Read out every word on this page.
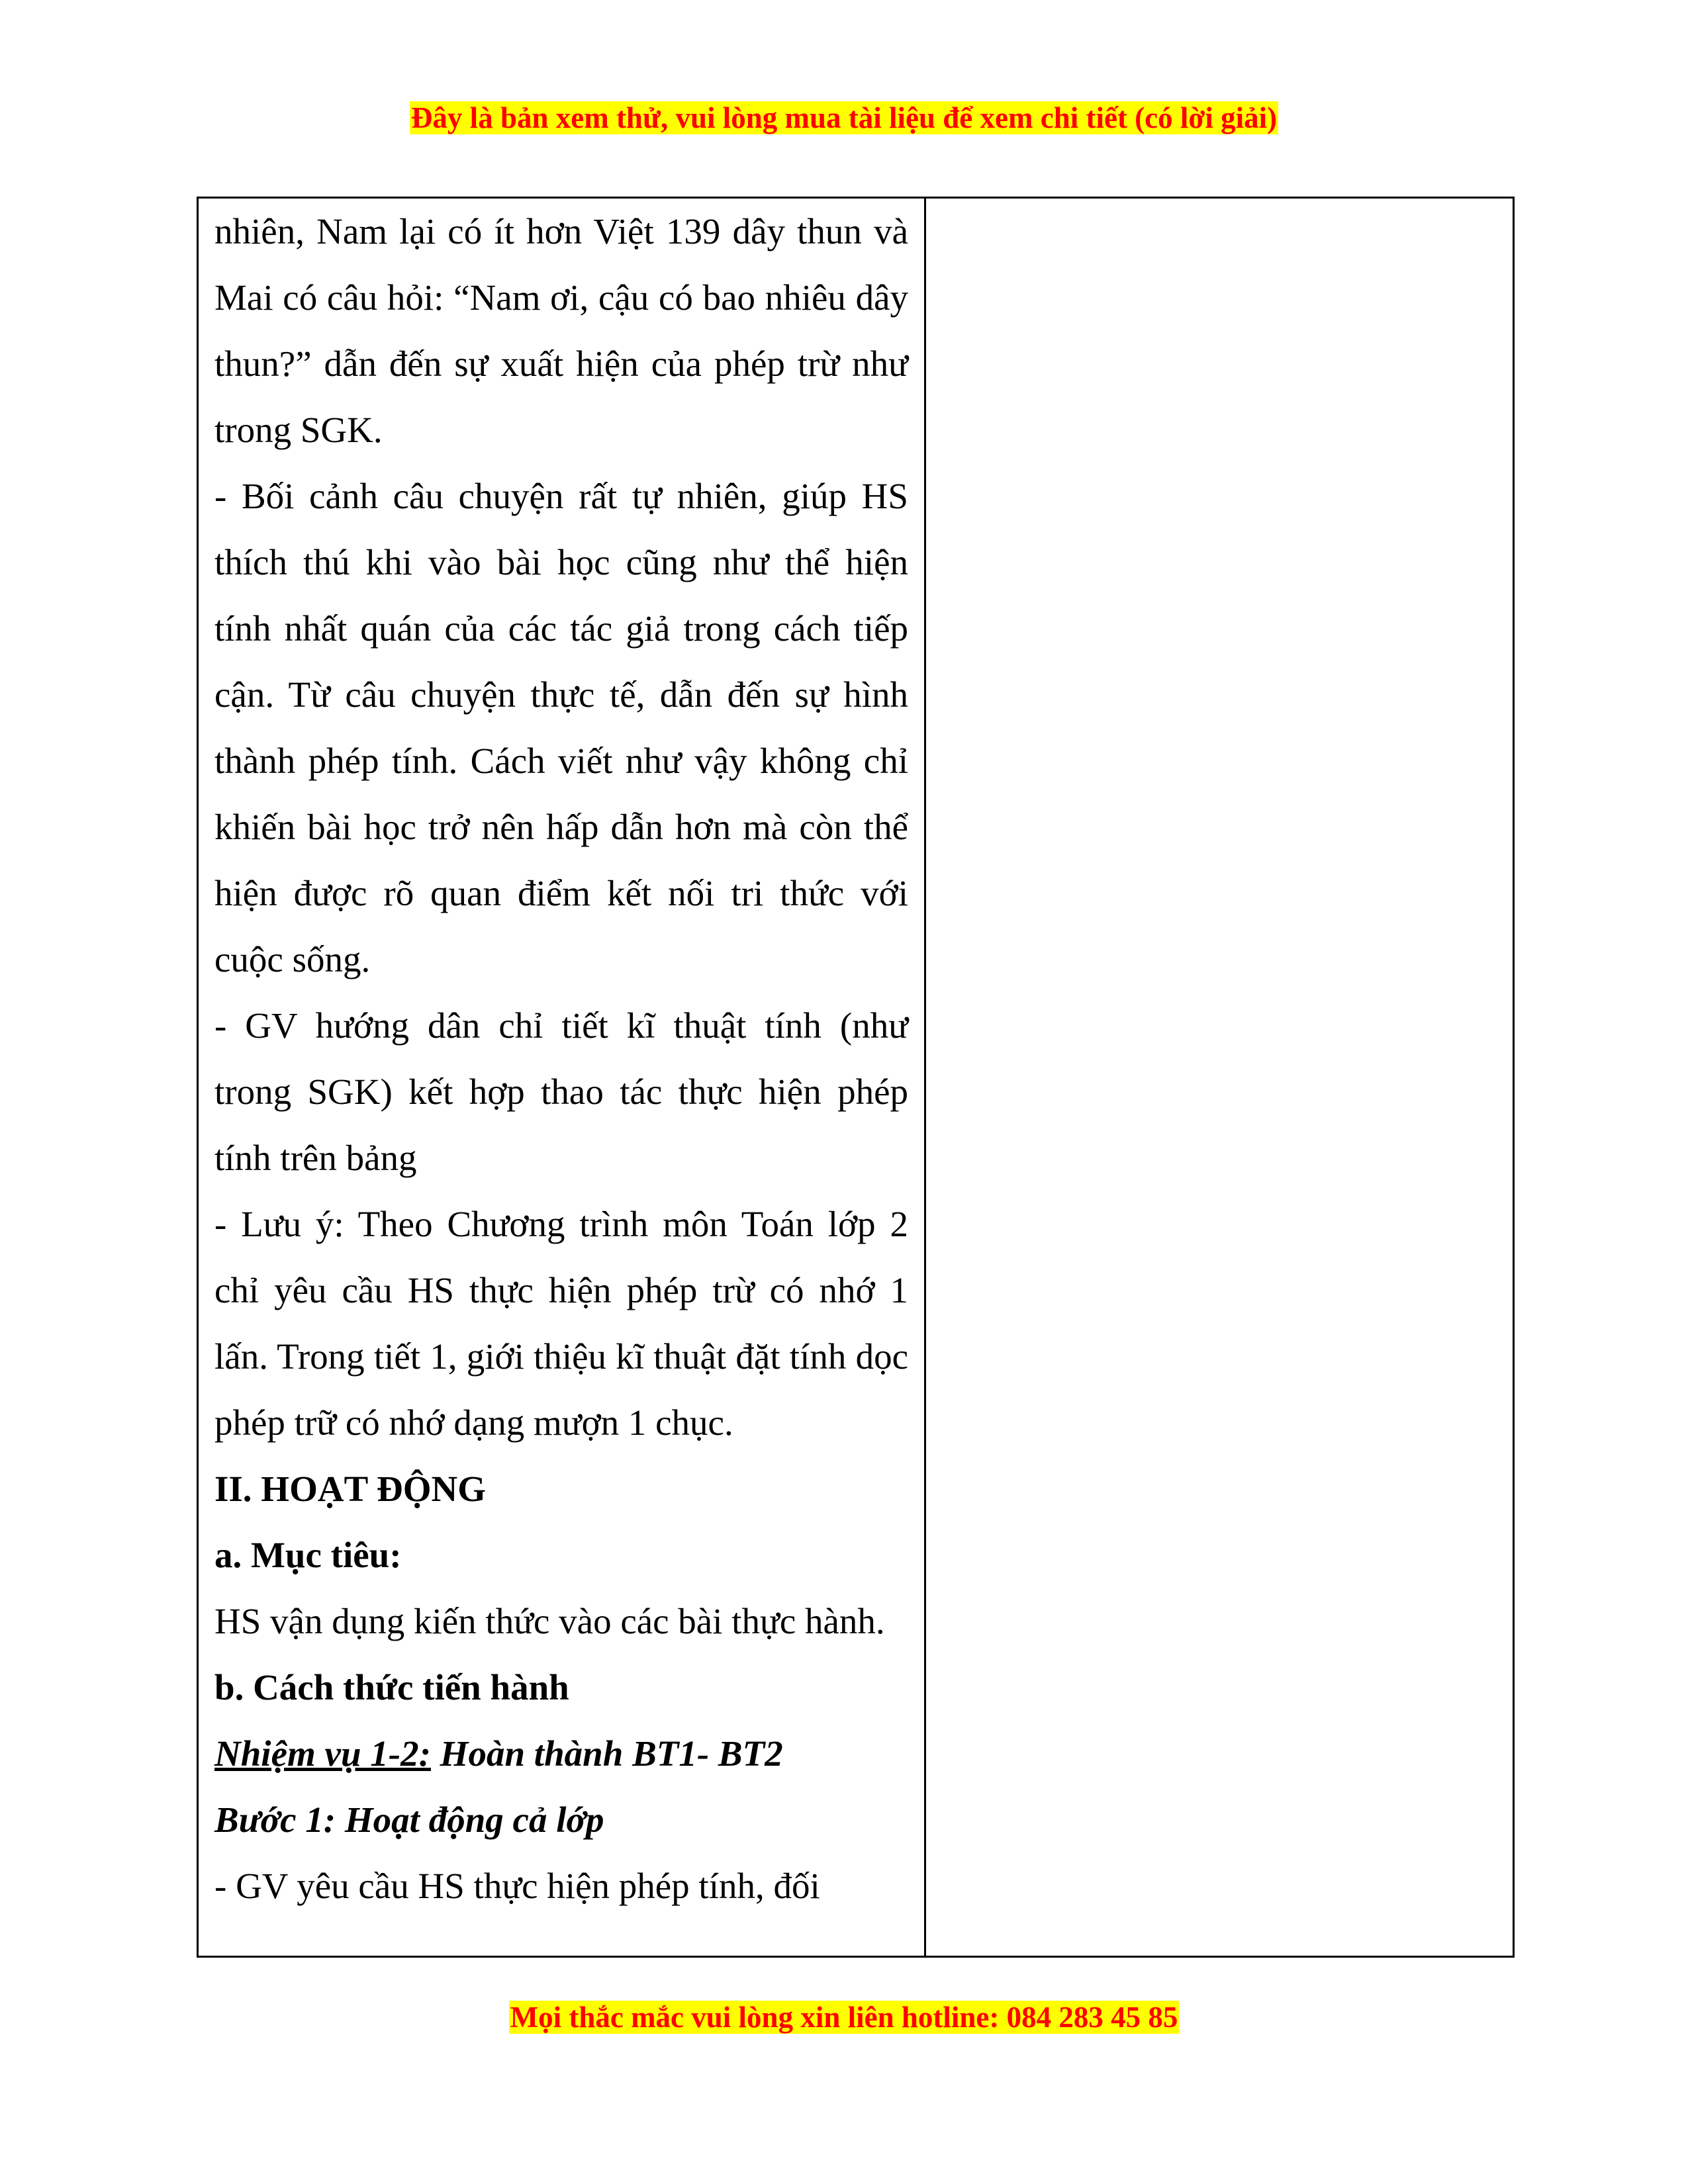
Đây là bản xem thử, vui lòng mua tài liệu để xem chi tiết (có lời giải)

nhiên, Nam lại có ít hơn Việt 139 dây thun và Mai có câu hỏi: “Nam ơi, cậu có bao nhiêu dây thun?” dẫn đến sự xuất hiện của phép trừ như trong SGK.

- Bối cảnh câu chuyện rất tự nhiên, giúp HS thích thú khi vào bài học cũng như thể hiện tính nhất quán của các tác giả trong cách tiếp cận. Từ câu chuyện thực tế, dẫn đến sự hình thành phép tính. Cách viết như vậy không chỉ khiến bài học trở nên hấp dẫn hơn mà còn thể hiện được rõ quan điểm kết nối tri thức với cuộc sống.

- GV hướng dân chỉ tiết kĩ thuật tính (như trong SGK) kết hợp thao tác thực hiện phép tính trên bảng

- Lưu ý: Theo Chương trình môn Toán lớp 2 chỉ yêu cầu HS thực hiện phép trừ có nhớ 1 lấn. Trong tiết 1, giới thiệu kĩ thuật đặt tính dọc phép trữ có nhớ dạng mượn 1 chục.

II. HOẠT ĐỘNG

a. Mục tiêu:

HS vận dụng kiến thức vào các bài thực hành.

b. Cách thức tiến hành

Nhiệm vụ 1-2: Hoàn thành BT1- BT2

Bước 1: Hoạt động cả lớp

- GV yêu cầu HS thực hiện phép tính, đối

Mọi thắc mắc vui lòng xin liên hotline: 084 283 45 85
